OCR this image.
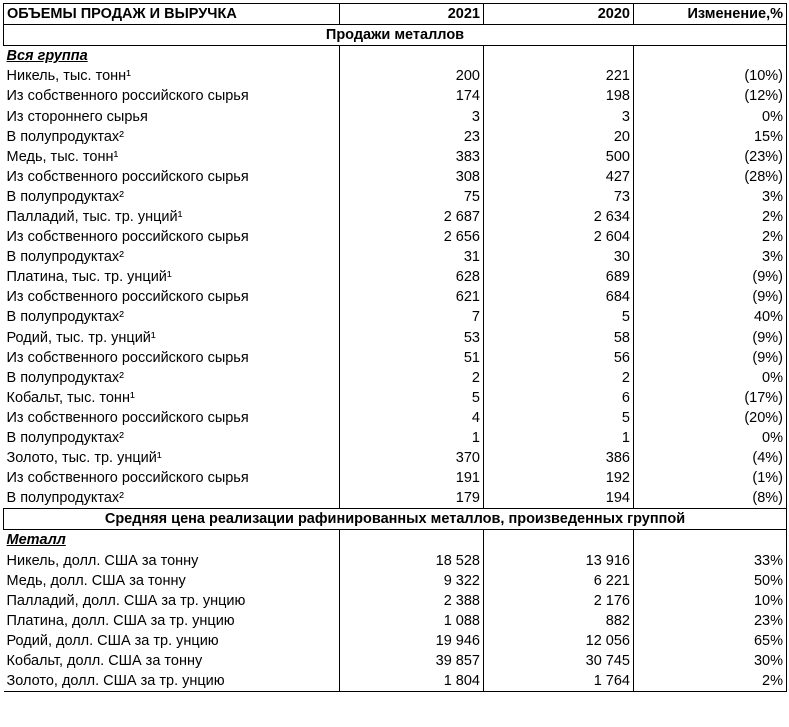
ОБЪЕМЫ ПРОДАЖ И ВЫРУЧКА	2021	2020	Изменение,%
Продажи металлов			
Вся группа			
Никель, тыс. тонн¹	200	221	(10%)
Из собственного российского сырья	174	198	(12%)
Из стороннего сырья	3	3	0%
В полупродуктах²	23	20	15%
Медь, тыс. тонн¹	383	500	(23%)
Из собственного российского сырья	308	427	(28%)
В полупродуктах²	75	73	3%
Палладий, тыс. тр. унций¹	2 687	2 634	2%
Из собственного российского сырья	2 656	2 604	2%
В полупродуктах²	31	30	3%
Платина, тыс. тр. унций¹	628	689	(9%)
Из собственного российского сырья	621	684	(9%)
В полупродуктах²	7	5	40%
Родий, тыс. тр. унций¹	53	58	(9%)
Из собственного российского сырья	51	56	(9%)
В полупродуктах²	2	2	0%
Кобальт, тыс. тонн¹	5	6	(17%)
Из собственного российского сырья	4	5	(20%)
В полупродуктах²	1	1	0%
Золото, тыс. тр. унций¹	370	386	(4%)
Из собственного российского сырья	191	192	(1%)
В полупродуктах²	179	194	(8%)
Средняя цена реализации рафинированных металлов, произведенных группой			
Металл			
Никель, долл. США за тонну	18 528	13 916	33%
Медь, долл. США за тонну	9 322	6 221	50%
Палладий, долл. США за тр. унцию	2 388	2 176	10%
Платина, долл. США за тр. унцию	1 088	882	23%
Родий, долл. США за тр. унцию	19 946	12 056	65%
Кобальт, долл. США за тонну	39 857	30 745	30%
Золото, долл. США за тр. унцию	1 804	1 764	2%
